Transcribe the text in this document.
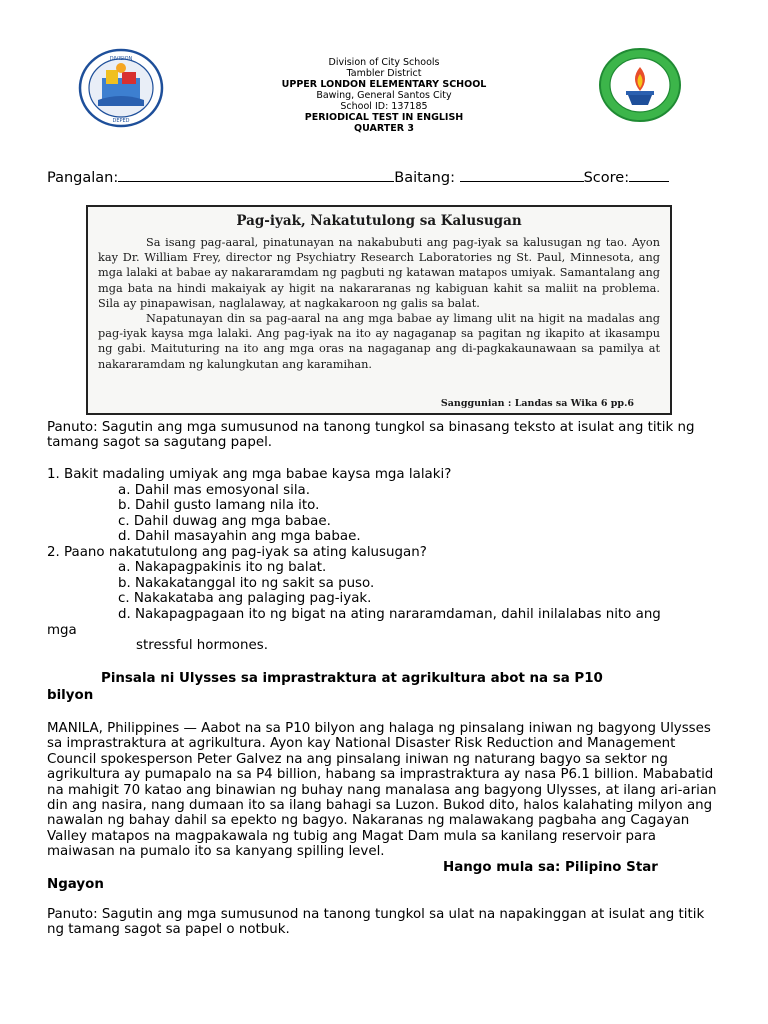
DIVISION
DEPED
Division of City Schools
Tambler District
UPPER LONDON ELEMENTARY SCHOOL
Bawing, General Santos City
School ID: 137185
PERIODICAL TEST IN ENGLISH
QUARTER 3
Pangalan:	Baitang:	Score:
Pag-iyak, Nakatutulong sa Kalusugan

Sa isang pag-aaral, pinatunayan na nakabubuti ang pag-iyak sa kalusugan ng tao. Ayon kay Dr. William Frey, director ng Psychiatry Research Laboratories ng St. Paul, Minnesota, ang mga lalaki at babae ay nakararamdam ng pagbuti ng katawan matapos umiyak. Samantalang ang mga bata na hindi makaiyak ay higit na nakararanas ng kabiguan kahit sa maliit na problema. Sila ay pinapawisan, naglalaway, at nagkakaroon ng galis sa balat.

Napatunayan din sa pag-aaral na ang mga babae ay limang ulit na higit na madalas ang pag-iyak kaysa mga lalaki. Ang pag-iyak na ito ay nagaganap sa pagitan ng ikapito at ikasampu ng gabi. Maituturing na ito ang mga oras na nagaganap ang di-pagkakaunawaan sa pamilya at nakararamdam ng kalungkutan ang karamihan.

Sanggunian : Landas sa Wika 6 pp.6
Panuto: Sagutin ang mga sumusunod na tanong tungkol sa binasang teksto at isulat ang titik ng tamang sagot sa sagutang papel.
1. Bakit madaling umiyak ang mga babae kaysa mga lalaki?
a. Dahil mas emosyonal sila.
b. Dahil gusto lamang nila ito.
c. Dahil duwag ang mga babae.
d. Dahil masayahin ang mga babae.
2. Paano nakatutulong ang pag-iyak sa ating kalusugan?
a. Nakapagpakinis ito ng balat.
b. Nakakatanggal ito ng sakit sa puso.
c. Nakakataba ang palaging pag-iyak.
d. Nakapagpagaan ito ng bigat na ating nararamdaman, dahil inilalabas nito ang
mga
stressful hormones.
Pinsala ni Ulysses sa imprastraktura at agrikultura abot na sa P10
bilyon
MANILA, Philippines — Aabot na sa P10 bilyon ang halaga ng pinsalang iniwan ng bagyong Ulysses sa imprastraktura at agrikultura. Ayon kay National Disaster Risk Reduction and Management Council spokesperson Peter Galvez na ang pinsalang iniwan ng naturang bagyo sa sektor ng agrikultura ay pumapalo na sa P4 billion, habang sa imprastraktura ay nasa P6.1 billion. Mababatid na mahigit 70 katao ang binawian ng buhay nang manalasa ang bagyong Ulysses, at ilang ari-arian din ang nasira, nang dumaan ito sa ilang bahagi sa Luzon. Bukod dito, halos kalahating milyon ang nawalan ng bahay dahil sa epekto ng bagyo. Nakaranas ng malawakang pagbaha ang Cagayan Valley matapos na magpakawala ng tubig ang Magat Dam mula sa kanilang reservoir para maiwasan na pumalo ito sa kanyang spilling level.
Hango mula sa: Pilipino Star
Ngayon
Panuto: Sagutin ang mga sumusunod na tanong tungkol sa ulat na napakinggan at isulat ang titik ng tamang sagot sa papel o notbuk.
